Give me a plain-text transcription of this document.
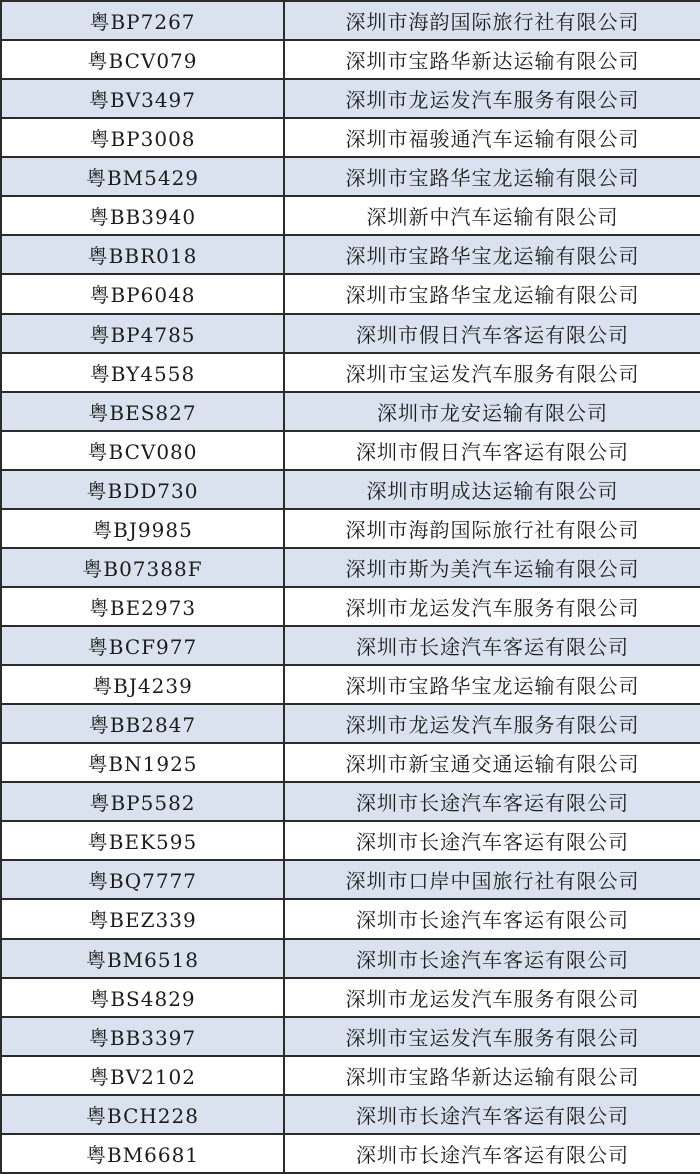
粤BP7267	深圳市海韵国际旅行社有限公司
粤BCV079	深圳市宝路华新达运输有限公司
粤BV3497	深圳市龙运发汽车服务有限公司
粤BP3008	深圳市福骏通汽车运输有限公司
粤BM5429	深圳市宝路华宝龙运输有限公司
粤BB3940	深圳新中汽车运输有限公司
粤BBR018	深圳市宝路华宝龙运输有限公司
粤BP6048	深圳市宝路华宝龙运输有限公司
粤BP4785	深圳市假日汽车客运有限公司
粤BY4558	深圳市宝运发汽车服务有限公司
粤BES827	深圳市龙安运输有限公司
粤BCV080	深圳市假日汽车客运有限公司
粤BDD730	深圳市明成达运输有限公司
粤BJ9985	深圳市海韵国际旅行社有限公司
粤B07388F	深圳市斯为美汽车运输有限公司
粤BE2973	深圳市龙运发汽车服务有限公司
粤BCF977	深圳市长途汽车客运有限公司
粤BJ4239	深圳市宝路华宝龙运输有限公司
粤BB2847	深圳市龙运发汽车服务有限公司
粤BN1925	深圳市新宝通交通运输有限公司
粤BP5582	深圳市长途汽车客运有限公司
粤BEK595	深圳市长途汽车客运有限公司
粤BQ7777	深圳市口岸中国旅行社有限公司
粤BEZ339	深圳市长途汽车客运有限公司
粤BM6518	深圳市长途汽车客运有限公司
粤BS4829	深圳市龙运发汽车服务有限公司
粤BB3397	深圳市宝运发汽车服务有限公司
粤BV2102	深圳市宝路华新达运输有限公司
粤BCH228	深圳市长途汽车客运有限公司
粤BM6681	深圳市长途汽车客运有限公司
